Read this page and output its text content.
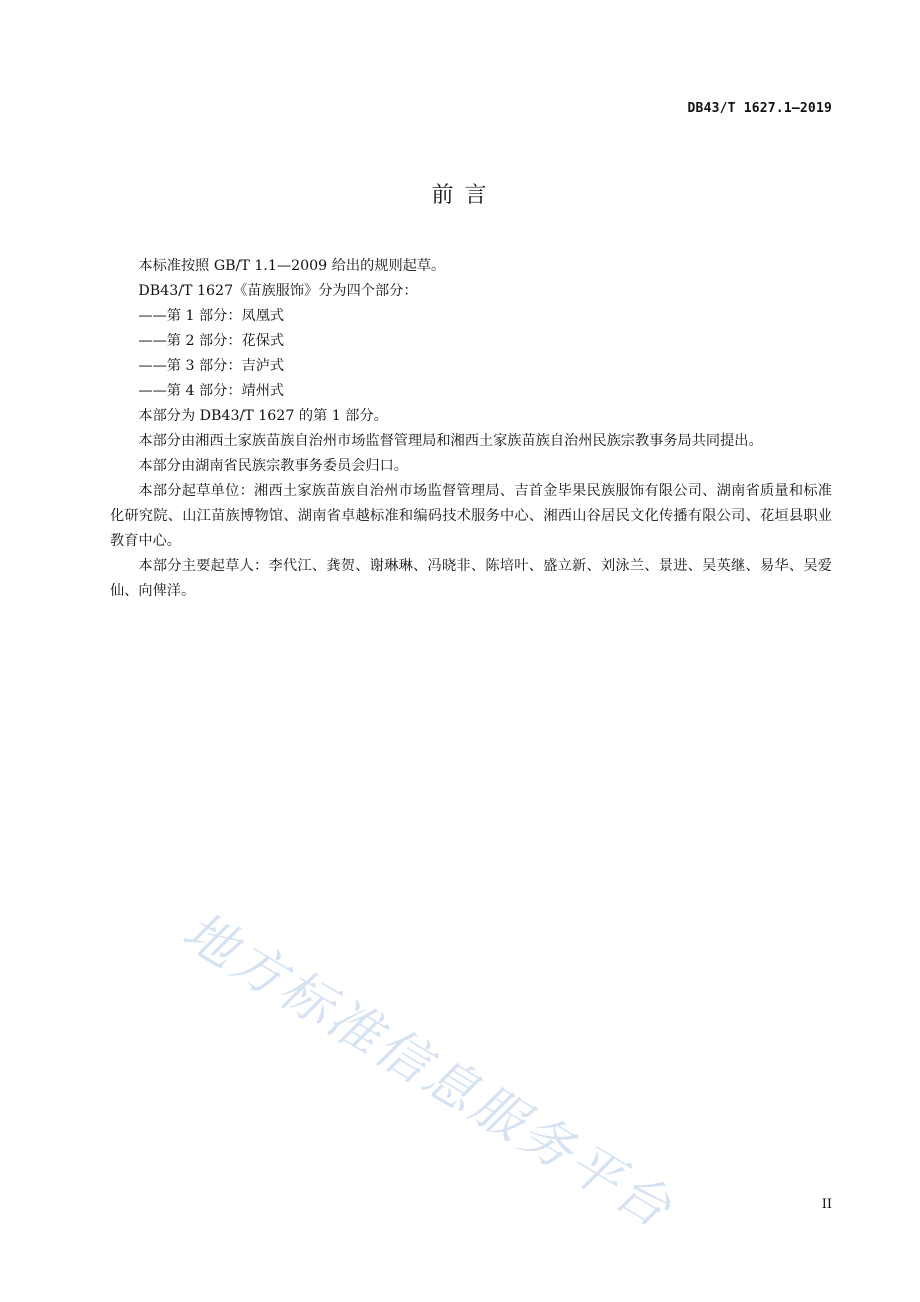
DB43/T 1627.1—2019
前 言

本标准按照 GB/T 1.1—2009 给出的规则起草。

DB43/T 1627《苗族服饰》分为四个部分：

——第 1 部分：凤凰式

——第 2 部分：花保式

——第 3 部分：吉泸式

——第 4 部分：靖州式

本部分为 DB43/T 1627 的第 1 部分。

本部分由湘西土家族苗族自治州市场监督管理局和湘西土家族苗族自治州民族宗教事务局共同提出。

本部分由湖南省民族宗教事务委员会归口。

本部分起草单位：湘西土家族苗族自治州市场监督管理局、吉首金毕果民族服饰有限公司、湖南省质量和标准化研究院、山江苗族博物馆、湖南省卓越标准和编码技术服务中心、湘西山谷居民文化传播有限公司、花垣县职业教育中心。

本部分主要起草人：李代江、龚贺、谢琳琳、冯晓非、陈培叶、盛立新、刘泳兰、景进、吴英继、易华、吴爱仙、向俾洋。

地方标准信息服务平台	II
